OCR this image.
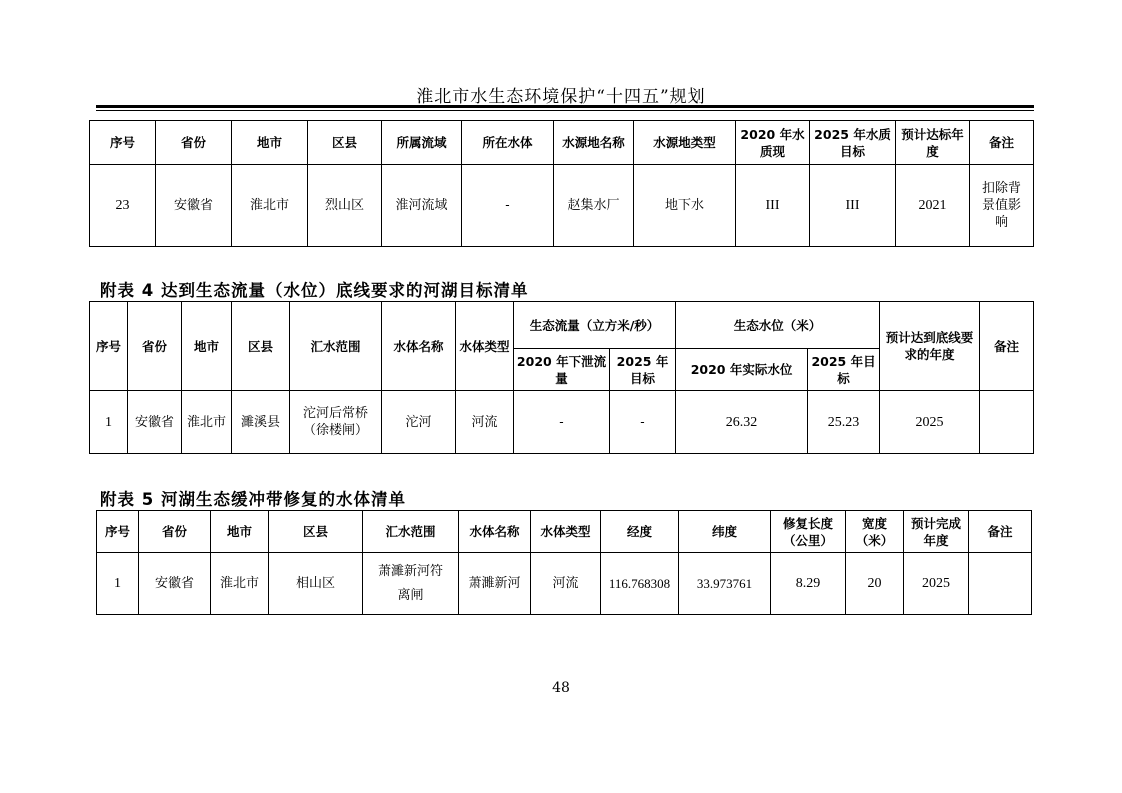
淮北市水生态环境保护“十四五”规划
序号	省份	地市	区县	所属流域	所在水体	水源地名称	水源地类型	2020 年水质现	2025 年水质目标	预计达标年度	备注
23	安徽省	淮北市	烈山区	淮河流域	-	赵集水厂	地下水	III	III	2021	扣除背景值影响
附表 4 达到生态流量（水位）底线要求的河湖目标清单
序号	省份	地市	区县	汇水范围	水体名称	水体类型	生态流量（立方米/秒）		生态水位（米）		预计达到底线要求的年度	备注
							2020 年下泄流量	2025 年目标	2020 年实际水位	2025 年目标		
1	安徽省	淮北市	濉溪县	沱河后常桥（徐楼闸）	沱河	河流	-	-	26.32	25.23	2025	
附表 5 河湖生态缓冲带修复的水体清单
序号	省份	地市	区县	汇水范围	水体名称	水体类型	经度	纬度	修复长度（公里）	宽度（米）	预计完成年度	备注
1	安徽省	淮北市	相山区	萧濉新河符离闸	萧濉新河	河流	116.768308	33.973761	8.29	20	2025	
48
